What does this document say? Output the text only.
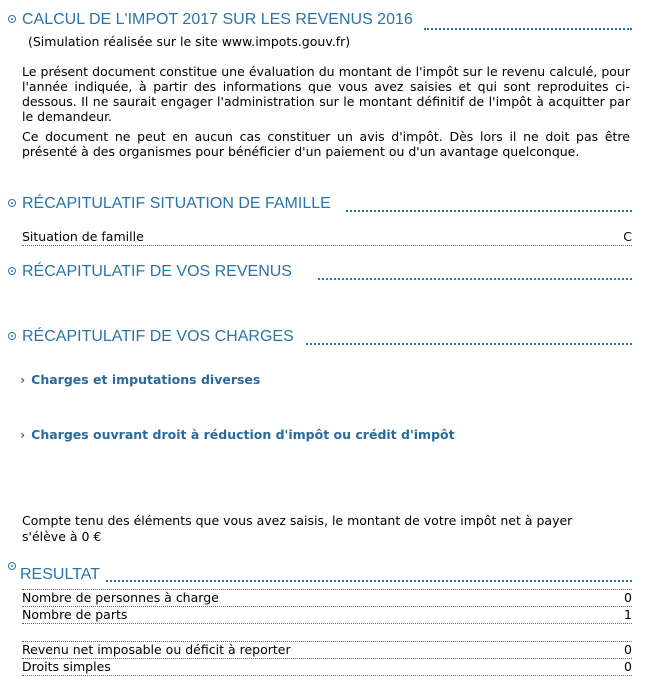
CALCUL DE L'IMPOT 2017 SUR LES REVENUS 2016
(Simulation réalisée sur le site www.impots.gouv.fr)
Le présent document constitue une évaluation du montant de l'impôt sur le revenu calculé, pour l'année indiquée, à partir des informations que vous avez saisies et qui sont reproduites ci-dessous. Il ne saurait engager l'administration sur le montant définitif de l'impôt à acquitter par le demandeur.
Ce document ne peut en aucun cas constituer un avis d'impôt. Dès lors il ne doit pas être présenté à des organismes pour bénéficier d'un paiement ou d'un avantage quelconque.
RÉCAPITULATIF SITUATION DE FAMILLE
Situation de famille	C
RÉCAPITULATIF DE VOS REVENUS
RÉCAPITULATIF DE VOS CHARGES
› Charges et imputations diverses
› Charges ouvrant droit à réduction d'impôt ou crédit d'impôt
Compte tenu des éléments que vous avez saisis, le montant de votre impôt net à payer s'élève à 0 €
RESULTAT
Nombre de personnes à charge	0
Nombre de parts	1
Revenu net imposable ou déficit à reporter	0
Droits simples	0
